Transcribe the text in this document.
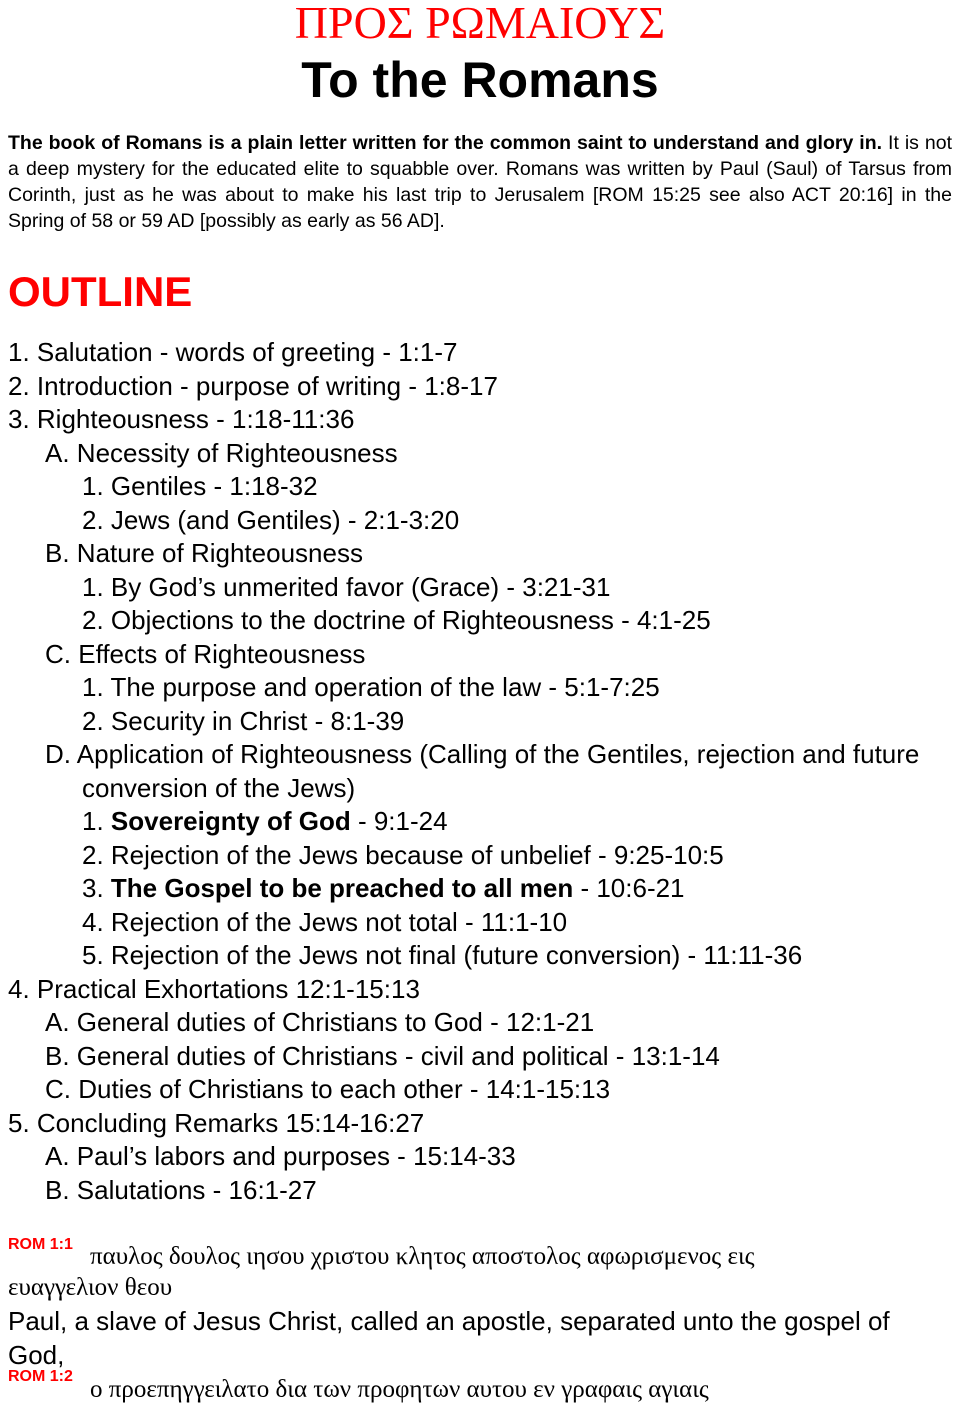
ΠΡΟΣ ΡΩΜΑΙΟΥΣ
To the Romans
The book of Romans is a plain letter written for the common saint to understand and glory in. It is not a deep mystery for the educated elite to squabble over. Romans was written by Paul (Saul) of Tarsus from Corinth, just as he was about to make his last trip to Jerusalem [ROM 15:25 see also ACT 20:16] in the Spring of 58 or 59 AD [possibly as early as 56 AD].
OUTLINE
1. Salutation - words of greeting - 1:1-7
2. Introduction - purpose of writing - 1:8-17
3. Righteousness - 1:18-11:36
A. Necessity of Righteousness
1. Gentiles - 1:18-32
2. Jews (and Gentiles) - 2:1-3:20
B. Nature of Righteousness
1. By God’s unmerited favor (Grace) - 3:21-31
2. Objections to the doctrine of Righteousness - 4:1-25
C. Effects of Righteousness
1. The purpose and operation of the law - 5:1-7:25
2. Security in Christ - 8:1-39
D. Application of Righteousness (Calling of the Gentiles, rejection and future conversion of the Jews)
1. Sovereignty of God - 9:1-24
2. Rejection of the Jews because of unbelief - 9:25-10:5
3. The Gospel to be preached to all men - 10:6-21
4. Rejection of the Jews not total - 11:1-10
5. Rejection of the Jews not final (future conversion) - 11:11-36
4. Practical Exhortations 12:1-15:13
A. General duties of Christians to God - 12:1-21
B. General duties of Christians - civil and political - 13:1-14
C. Duties of Christians to each other - 14:1-15:13
5. Concluding Remarks 15:14-16:27
A. Paul’s labors and purposes - 15:14-33
B. Salutations - 16:1-27
ROM 1:1 παυλος δουλος ιησου χριστου κλητος αποστολος αφωρισμενος εις
ευαγγελιον θεου
Paul, a slave of Jesus Christ, called an apostle, separated unto the gospel of God,
ROM 1:2 ο προεπηγγειλατο δια των προφητων αυτου εν γραφαις αγιαις
